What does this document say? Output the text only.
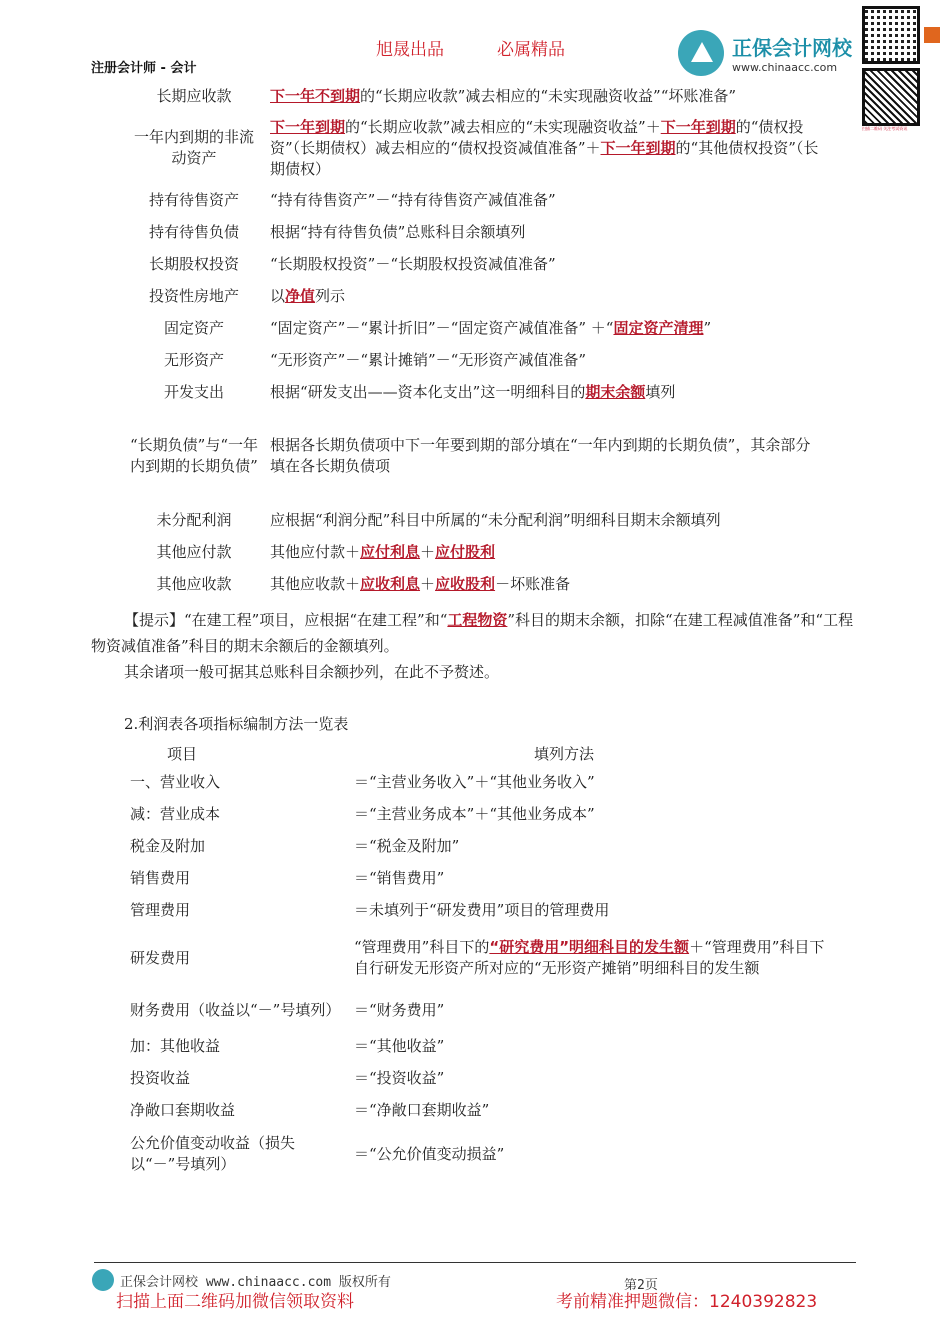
旭晟出品	必属精品
注册会计师 - 会计
正保会计网校
www.chinaacc.com
扫描二维码 关注考试资讯
长期应收款	下一年不到期的“长期应收款”减去相应的“未实现融资收益”“坏账准备”
一年内到期的非流动资产	下一年到期的“长期应收款”减去相应的“未实现融资收益”＋下一年到期的“债权投资”（长期债权）减去相应的“债权投资减值准备”＋下一年到期的“其他债权投资”（长期债权）
持有待售资产	“持有待售资产”－“持有待售资产减值准备”
持有待售负债	根据“持有待售负债”总账科目余额填列
长期股权投资	“长期股权投资”－“长期股权投资减值准备”
投资性房地产	以净值列示
固定资产	“固定资产”－“累计折旧”－“固定资产减值准备” ＋“固定资产清理”
无形资产	“无形资产”－“累计摊销”－“无形资产减值准备”
开发支出	根据“研发支出——资本化支出”这一明细科目的期末余额填列
“长期负债”与“一年内到期的长期负债”	根据各长期负债项中下一年要到期的部分填在“一年内到期的长期负债”，其余部分填在各长期负债项
未分配利润	应根据“利润分配”科目中所属的“未分配利润”明细科目期末余额填列
其他应付款	其他应付款＋应付利息＋应付股利
其他应收款	其他应收款＋应收利息＋应收股利－坏账准备
【提示】“在建工程”项目，应根据“在建工程”和“工程物资”科目的期末余额，扣除“在建工程减值准备”和“工程物资减值准备”科目的期末余额后的金额填列。
其余诸项一般可据其总账科目余额抄列，在此不予赘述。
2.利润表各项指标编制方法一览表
项目	填列方法
一、营业收入	＝“主营业务收入”＋“其他业务收入”
减：营业成本	＝“主营业务成本”＋“其他业务成本”
税金及附加	＝“税金及附加”
销售费用	＝“销售费用”
管理费用	＝未填列于“研发费用”项目的管理费用
研发费用	“管理费用”科目下的“研究费用”明细科目的发生额＋“管理费用”科目下自行研发无形资产所对应的“无形资产摊销”明细科目的发生额
财务费用（收益以“－”号填列）	＝“财务费用”
加：其他收益	＝“其他收益”
投资收益	＝“投资收益”
净敞口套期收益	＝“净敞口套期收益”
公允价值变动收益（损失以“－”号填列）	＝“公允价值变动损益”
正保会计网校 www.chinaacc.com 版权所有	第2页
扫描上面二维码加微信领取资料	考前精准押题微信：1240392823
